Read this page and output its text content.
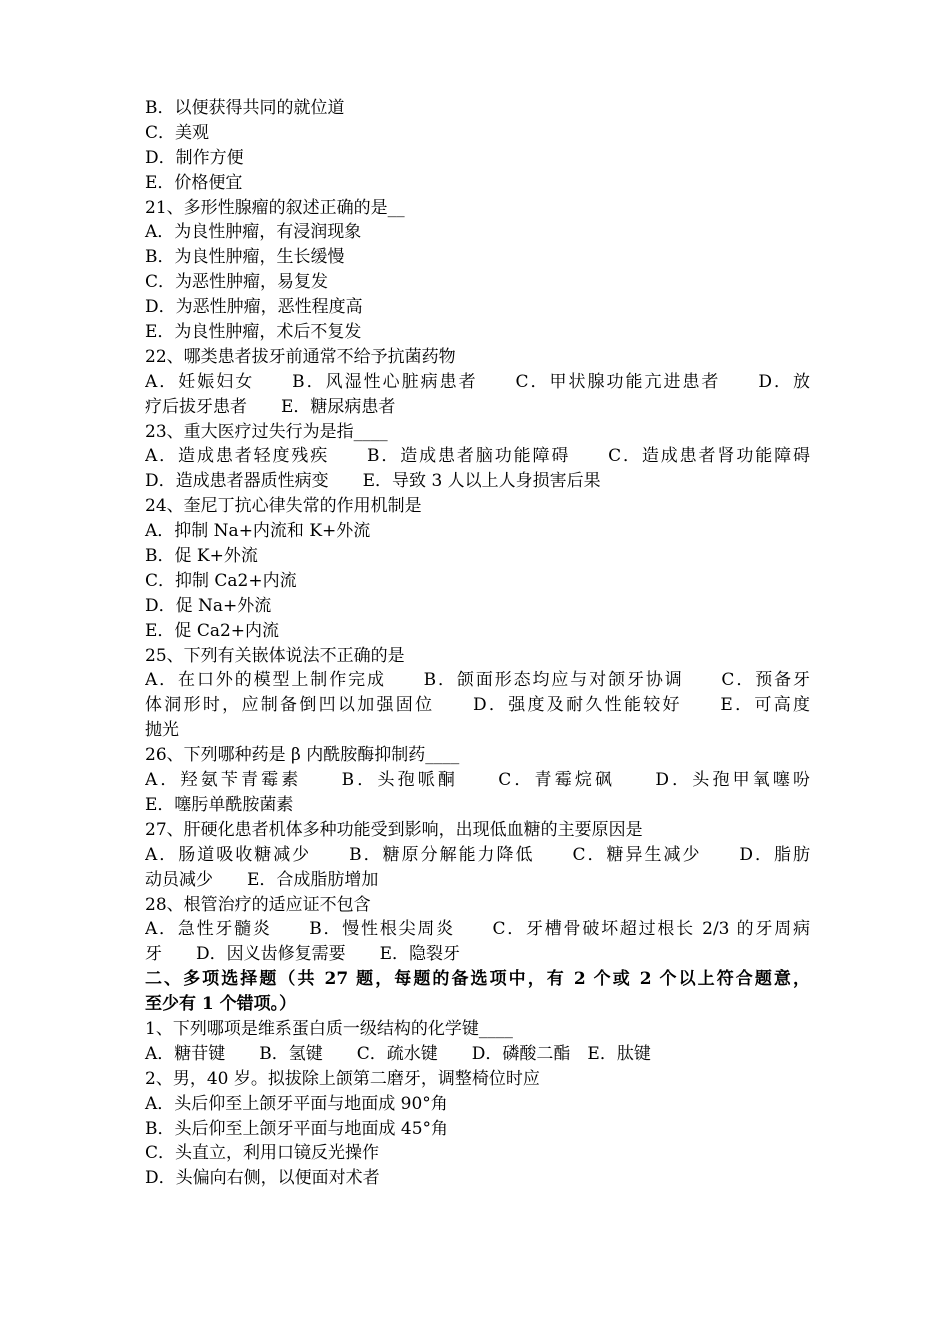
B．以便获得共同的就位道
C．美观
D．制作方便
E．价格便宜
21、多形性腺瘤的叙述正确的是__
A．为良性肿瘤，有浸润现象
B．为良性肿瘤，生长缓慢
C．为恶性肿瘤，易复发
D．为恶性肿瘤，恶性程度高
E．为良性肿瘤，术后不复发
22、哪类患者拔牙前通常不给予抗菌药物
A．妊娠妇女　　B．风湿性心脏病患者　　C．甲状腺功能亢进患者　　D．放
疗后拔牙患者　　E．糖尿病患者
23、重大医疗过失行为是指____
A．造成患者轻度残疾　　B．造成患者脑功能障碍　　C．造成患者肾功能障碍
D．造成患者器质性病变　　E．导致 3 人以上人身损害后果
24、奎尼丁抗心律失常的作用机制是
A．抑制 Na+内流和 K+外流
B．促 K+外流
C．抑制 Ca2+内流
D．促 Na+外流
E．促 Ca2+内流
25、下列有关嵌体说法不正确的是
A．在口外的模型上制作完成　　B．颌面形态均应与对颌牙协调　　C．预备牙
体洞形时，应制备倒凹以加强固位　　D．强度及耐久性能较好　　E．可高度
抛光
26、下列哪种药是 β 内酰胺酶抑制药____
A．羟氨苄青霉素　　B．头孢哌酮　　C．青霉烷砜　　D．头孢甲氧噻吩
E．噻肟单酰胺菌素
27、肝硬化患者机体多种功能受到影响，出现低血糖的主要原因是
A．肠道吸收糖减少　　B．糖原分解能力降低　　C．糖异生减少　　D．脂肪
动员减少　　E．合成脂肪增加
28、根管治疗的适应证不包含
A．急性牙髓炎　　B．慢性根尖周炎　　C．牙槽骨破坏超过根长 2/3 的牙周病
牙　　D．因义齿修复需要　　E．隐裂牙
二、多项选择题（共 27 题，每题的备选项中，有 2 个或 2 个以上符合题意，
至少有 1 个错项。）
1、下列哪项是维系蛋白质一级结构的化学键____
A．糖苷键　　B．氢键　　C．疏水键　　D．磷酸二酯　E．肽键
2、男，40 岁。拟拔除上颌第二磨牙，调整椅位时应
A．头后仰至上颌牙平面与地面成 90°角
B．头后仰至上颌牙平面与地面成 45°角
C．头直立，利用口镜反光操作
D．头偏向右侧，以便面对术者
